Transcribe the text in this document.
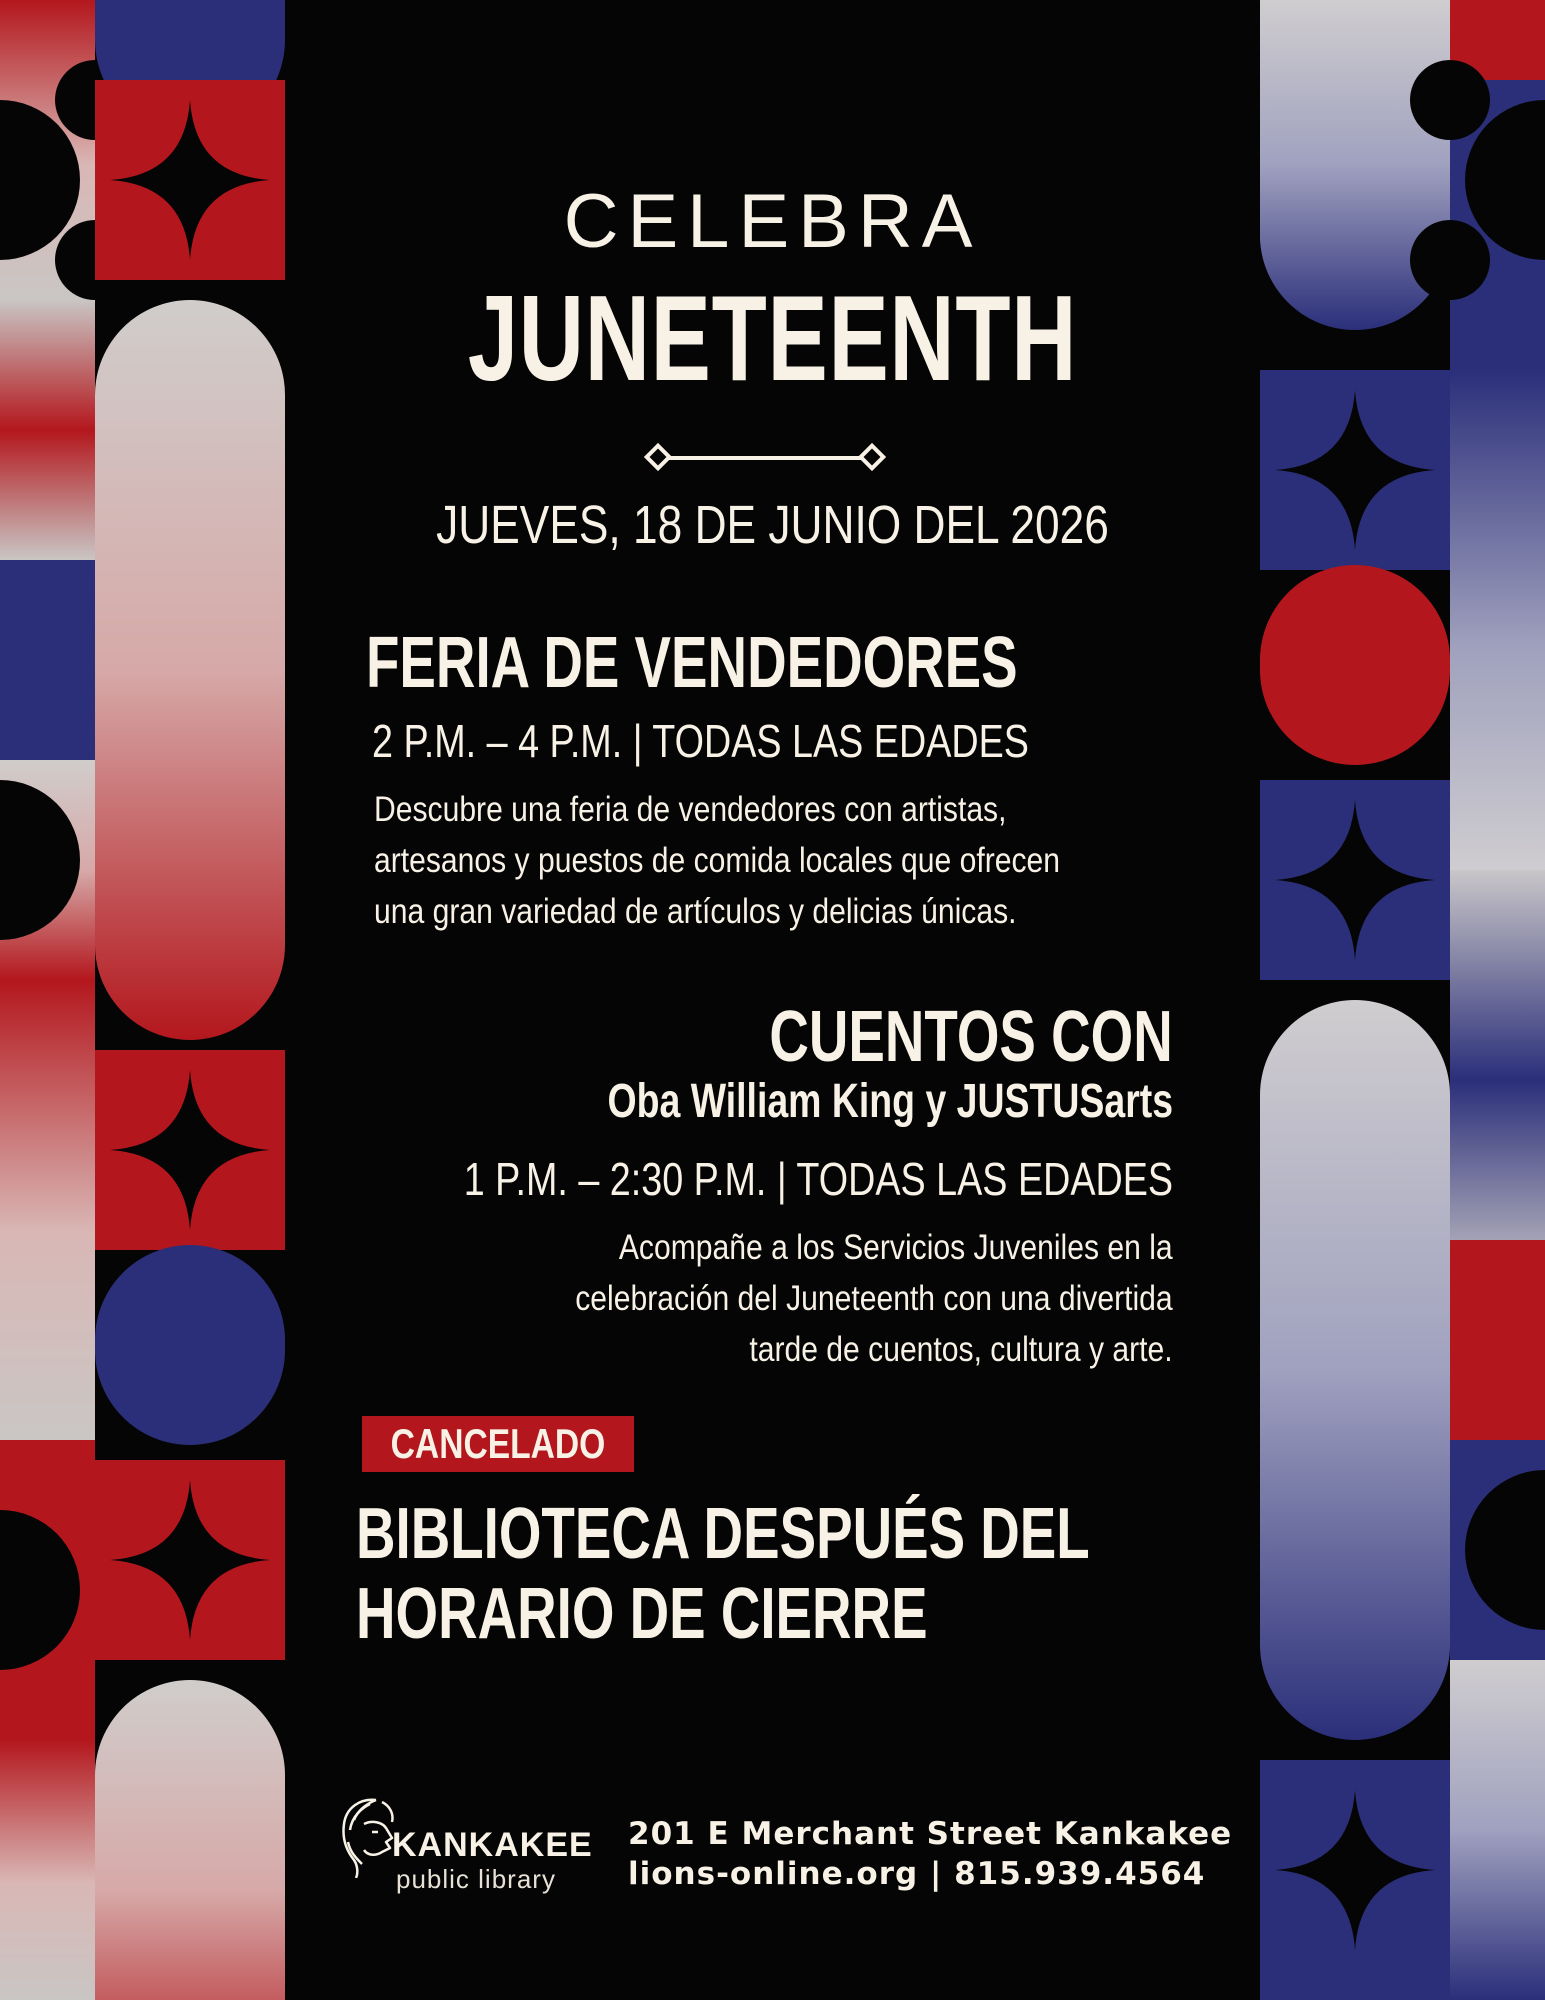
CELEBRA

JUNETEENTH

JUEVES, 18 DE JUNIO DEL 2026

FERIA DE VENDEDORES

2 P.M. – 4 P.M. | TODAS LAS EDADES

Descubre una feria de vendedores con artistas,
artesanos y puestos de comida locales que ofrecen
una gran variedad de artículos y delicias únicas.

CUENTOS CON

Oba William King y JUSTUSarts

1 P.M. – 2:30 P.M. | TODAS LAS EDADES

Acompañe a los Servicios Juveniles en la
celebración del Juneteenth con una divertida
tarde de cuentos, cultura y arte.
CANCELADO
BIBLIOTECA DESPUÉS DEL
HORARIO DE CIERRE

KANKAKEE

public library

201 E Merchant Street Kankakee

lions-online.org | 815.939.4564
